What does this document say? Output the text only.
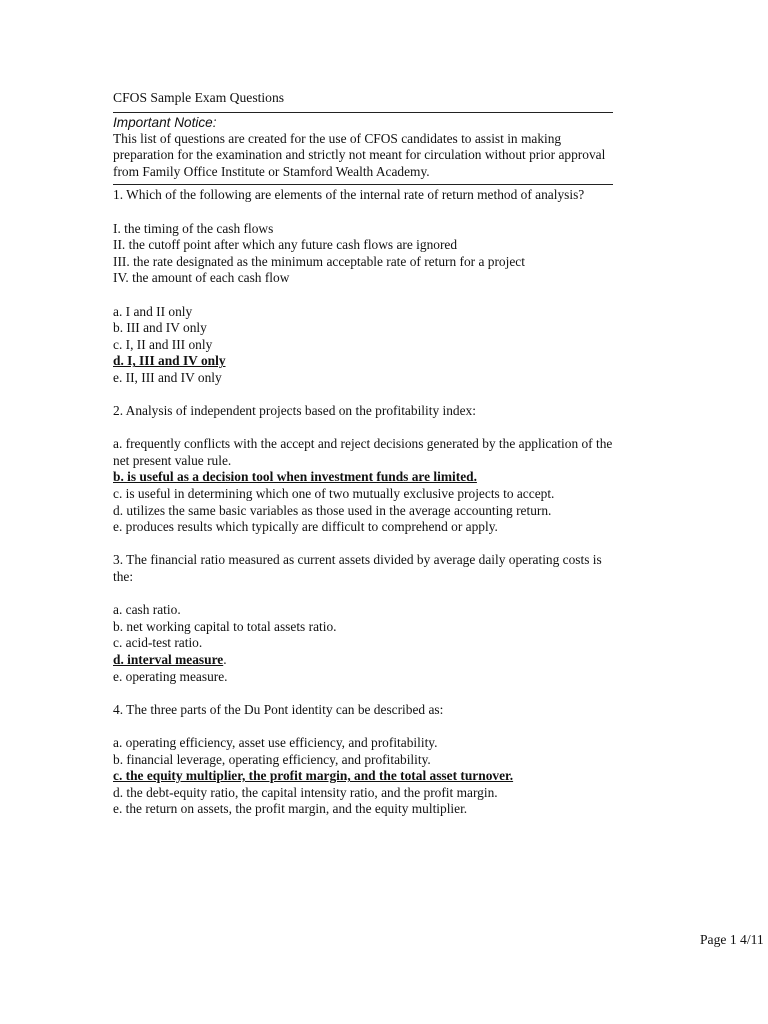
CFOS Sample Exam Questions

Important Notice:

This list of questions are created for the use of CFOS candidates to assist in making preparation for the examination and strictly not meant for circulation without prior approval from Family Office Institute or Stamford Wealth Academy.

1. Which of the following are elements of the internal rate of return method of analysis?

I. the timing of the cash flows
II. the cutoff point after which any future cash flows are ignored
III. the rate designated as the minimum acceptable rate of return for a project
IV. the amount of each cash flow
a. I and II only
b. III and IV only
c. I, II and III only
d. I, III and IV only
e. II, III and IV only

2. Analysis of independent projects based on the profitability index:

a. frequently conflicts with the accept and reject decisions generated by the application of the net present value rule.
b. is useful as a decision tool when investment funds are limited.
c. is useful in determining which one of two mutually exclusive projects to accept.
d. utilizes the same basic variables as those used in the average accounting return.
e. produces results which typically are difficult to comprehend or apply.

3. The financial ratio measured as current assets divided by average daily operating costs is the:

a. cash ratio.
b. net working capital to total assets ratio.
c. acid-test ratio.
d. interval measure.
e. operating measure.

4. The three parts of the Du Pont identity can be described as:

a. operating efficiency, asset use efficiency, and profitability.
b. financial leverage, operating efficiency, and profitability.
c. the equity multiplier, the profit margin, and the total asset turnover.
d. the debt-equity ratio, the capital intensity ratio, and the profit margin.
e. the return on assets, the profit margin, and the equity multiplier.
Page 1 4/11
